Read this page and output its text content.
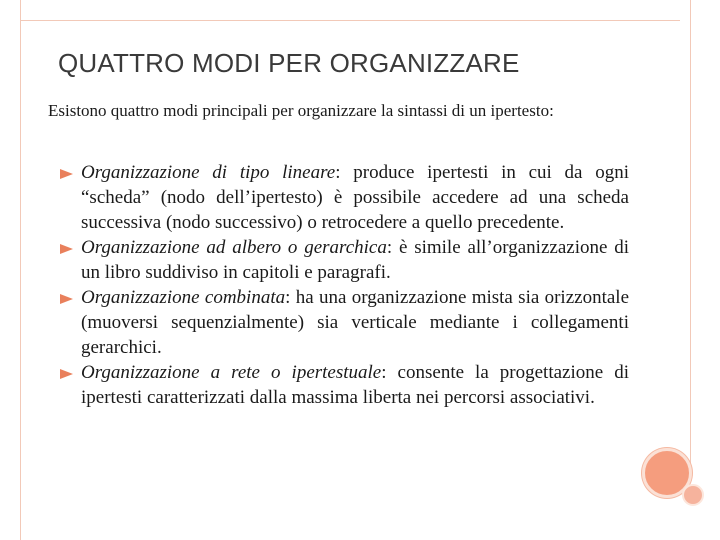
QUATTRO MODI PER ORGANIZZARE
Esistono quattro modi principali per organizzare la sintassi di un ipertesto:
Organizzazione di tipo lineare: produce ipertesti in cui da ogni “scheda” (nodo dell’ipertesto) è possibile accedere ad una scheda successiva (nodo successivo) o retrocedere a quello precedente.
Organizzazione ad albero o gerarchica: è simile all’organizzazione di un libro suddiviso in capitoli e paragrafi.
Organizzazione combinata: ha una organizzazione mista sia orizzontale (muoversi sequenzialmente) sia verticale mediante i collegamenti gerarchici.
Organizzazione a rete o ipertestuale: consente la progettazione di ipertesti caratterizzati dalla massima liberta nei percorsi associativi.
